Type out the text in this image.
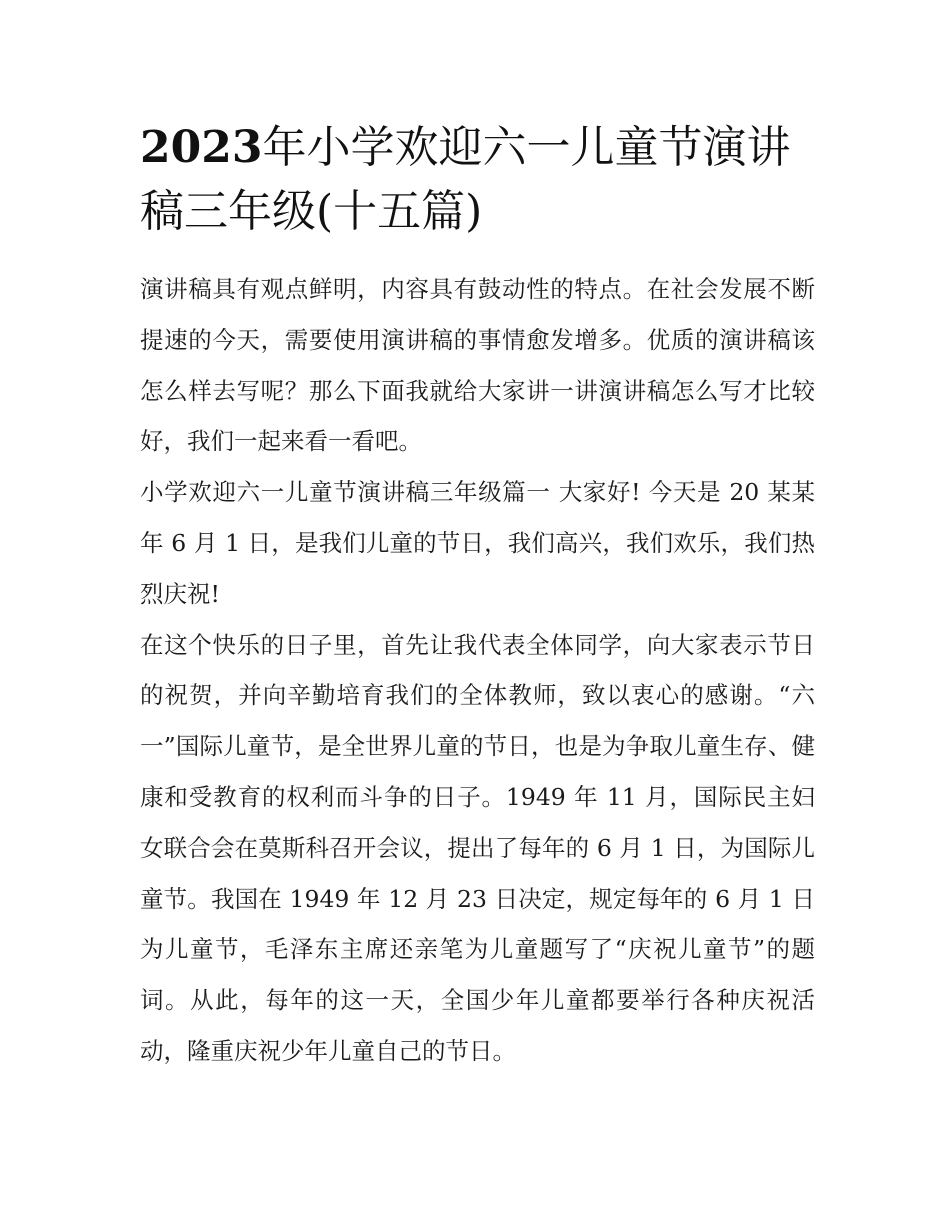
2023年小学欢迎六一儿童节演讲稿三年级(十五篇)

演讲稿具有观点鲜明，内容具有鼓动性的特点。在社会发展不断提速的今天，需要使用演讲稿的事情愈发增多。优质的演讲稿该怎么样去写呢？那么下面我就给大家讲一讲演讲稿怎么写才比较好，我们一起来看一看吧。

小学欢迎六一儿童节演讲稿三年级篇一 大家好! 今天是 20 某某年 6 月 1 日，是我们儿童的节日，我们高兴，我们欢乐，我们热烈庆祝!

在这个快乐的日子里，首先让我代表全体同学，向大家表示节日的祝贺，并向辛勤培育我们的全体教师，致以衷心的感谢。“六一”国际儿童节，是全世界儿童的节日，也是为争取儿童生存、健康和受教育的权利而斗争的日子。1949 年 11 月，国际民主妇女联合会在莫斯科召开会议，提出了每年的 6 月 1 日，为国际儿童节。我国在 1949 年 12 月 23 日决定，规定每年的 6 月 1 日为儿童节，毛泽东主席还亲笔为儿童题写了“庆祝儿童节”的题词。从此，每年的这一天，全国少年儿童都要举行各种庆祝活动，隆重庆祝少年儿童自己的节日。
